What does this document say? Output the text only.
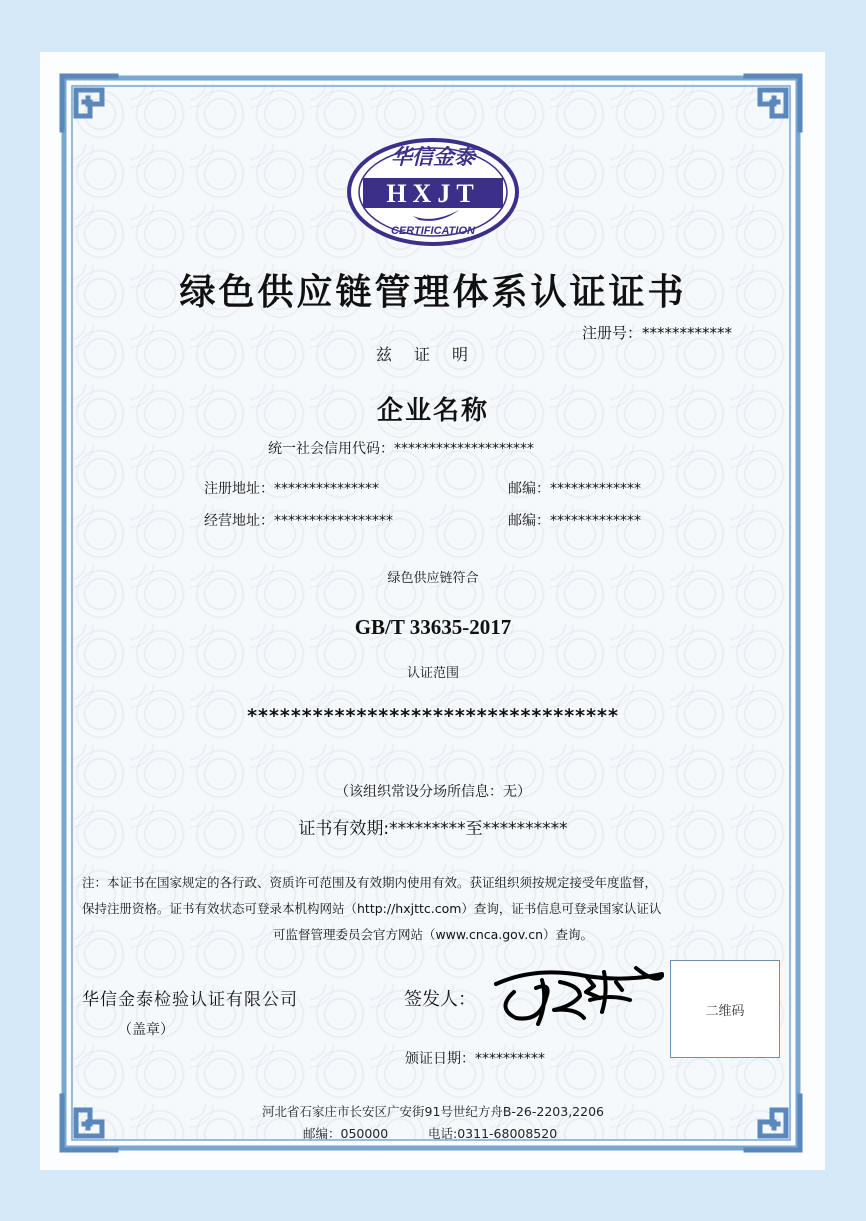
华信金泰
HXJT
CERTIFICATION
绿色供应链管理体系认证证书
注册号：************
兹证明
企业名称
统一社会信用代码：********************
注册地址：***************	邮编：*************
经营地址：*****************	邮编：*************
绿色供应链符合
GB/T 33635-2017
认证范围
**********************************
（该组织常设分场所信息：无）
证书有效期:*********至**********
注：本证书在国家规定的各行政、资质许可范围及有效期内使用有效。获证组织须按规定接受年度监督，
保持注册资格。证书有效状态可登录本机构网站（http://hxjttc.com）查询，证书信息可登录国家认证认
可监督管理委员会官方网站（www.cnca.gov.cn）查询。
华信金泰检验认证有限公司
（盖章）
签发人：
二维码
颁证日期：**********
河北省石家庄市长安区广安街91号世纪方舟B-26-2203,2206
邮编：050000	电话:0311-68008520
